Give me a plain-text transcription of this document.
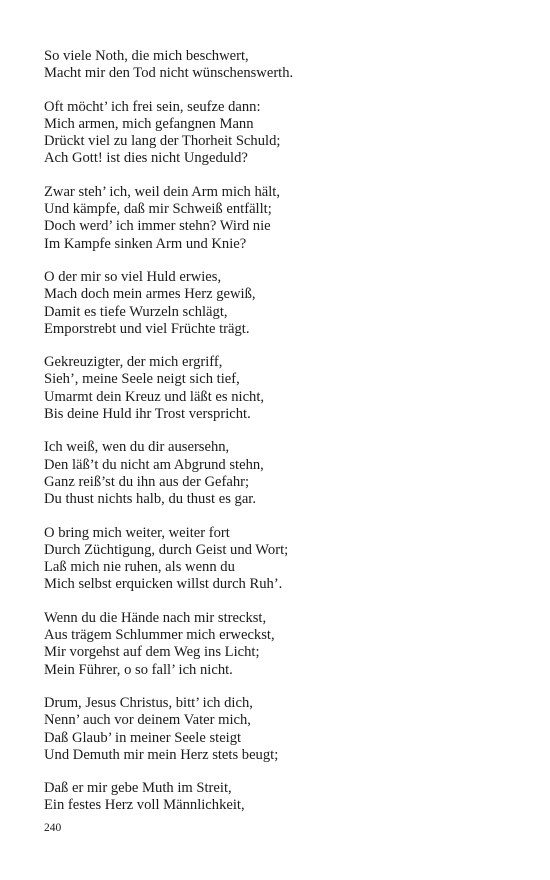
So viele Noth, die mich beschwert,
Macht mir den Tod nicht wünschenswerth.
Oft möcht’ ich frei sein, seufze dann:
Mich armen, mich gefangnen Mann
Drückt viel zu lang der Thorheit Schuld;
Ach Gott! ist dies nicht Ungeduld?
Zwar steh’ ich, weil dein Arm mich hält,
Und kämpfe, daß mir Schweiß entfällt;
Doch werd’ ich immer stehn? Wird nie
Im Kampfe sinken Arm und Knie?
O der mir so viel Huld erwies,
Mach doch mein armes Herz gewiß,
Damit es tiefe Wurzeln schlägt,
Emporstrebt und viel Früchte trägt.
Gekreuzigter, der mich ergriff,
Sieh’, meine Seele neigt sich tief,
Umarmt dein Kreuz und läßt es nicht,
Bis deine Huld ihr Trost verspricht.
Ich weiß, wen du dir ausersehn,
Den läß’t du nicht am Abgrund stehn,
Ganz reiß’st du ihn aus der Gefahr;
Du thust nichts halb, du thust es gar.
O bring mich weiter, weiter fort
Durch Züchtigung, durch Geist und Wort;
Laß mich nie ruhen, als wenn du
Mich selbst erquicken willst durch Ruh’.
Wenn du die Hände nach mir streckst,
Aus trägem Schlummer mich erweckst,
Mir vorgehst auf dem Weg ins Licht;
Mein Führer, o so fall’ ich nicht.
Drum, Jesus Christus, bitt’ ich dich,
Nenn’ auch vor deinem Vater mich,
Daß Glaub’ in meiner Seele steigt
Und Demuth mir mein Herz stets beugt;
Daß er mir gebe Muth im Streit,
Ein festes Herz voll Männlichkeit,
240
